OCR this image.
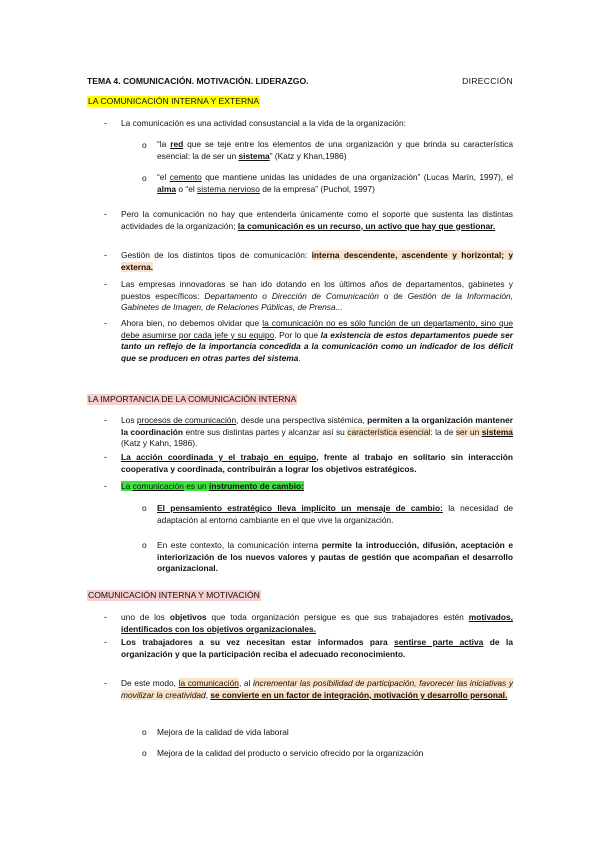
TEMA 4. COMUNICACIÓN. MOTIVACIÓN. LIDERAZGO.	DIRECCIÓN
LA COMUNICACIÓN INTERNA Y EXTERNA
- La comunicación es una actividad consustancial a la vida de la organización:
o “la red que se teje entre los elementos de una organización y que brinda su característica esencial: la de ser un sistema” (Katz y Khan,1986)
o “el cemento que mantiene unidas las unidades de una organización” (Lucas Marín, 1997), el alma o “el sistema nervioso de la empresa” (Puchol, 1997)
- Pero la comunicación no hay que entenderla únicamente como el soporte que sustenta las distintas actividades de la organización; la comunicación es un recurso, un activo que hay que gestionar.
- Gestión de los distintos tipos de comunicación: interna descendente, ascendente y horizontal; y externa.
- Las empresas innovadoras se han ido dotando en los últimos años de departamentos, gabinetes y puestos específicos: Departamento o Dirección de Comunicación o de Gestión de la Información, Gabinetes de Imagen, de Relaciones Públicas, de Prensa...
- Ahora bien, no debemos olvidar que la comunicación no es sólo función de un departamento, sino que debe asumirse por cada jefe y su equipo. Por lo que la existencia de estos departamentos puede ser tanto un reflejo de la importancia concedida a la comunicación como un indicador de los déficit que se producen en otras partes del sistema.
LA IMPORTANCIA DE LA COMUNICACIÓN INTERNA
- Los procesos de comunicación, desde una perspectiva sistémica, permiten a la organización mantener la coordinación entre sus distintas partes y alcanzar así su característica esencial: la de ser un sistema (Katz y Kahn, 1986).
- La acción coordinada y el trabajo en equipo, frente al trabajo en solitario sin interacción cooperativa y coordinada, contribuirán a lograr los objetivos estratégicos.
- La comunicación es un instrumento de cambio:
o El pensamiento estratégico lleva implícito un mensaje de cambio: la necesidad de adaptación al entorno cambiante en el que vive la organización.
o En este contexto, la comunicación interna permite la introducción, difusión, aceptación e interiorización de los nuevos valores y pautas de gestión que acompañan el desarrollo organizacional.
COMUNICACIÓN INTERNA Y MOTIVACIÓN
- uno de los objetivos que toda organización persigue es que sus trabajadores estén motivados, identificados con los objetivos organizacionales.
- Los trabajadores a su vez necesitan estar informados para sentirse parte activa de la organización y que la participación reciba el adecuado reconocimiento.
- De este modo, la comunicación, al incrementar las posibilidad de participación, favorecer las iniciativas y movilizar la creatividad, se convierte en un factor de integración, motivación y desarrollo personal.
o Mejora de la calidad de vida laboral
o Mejora de la calidad del producto o servicio ofrecido por la organización
